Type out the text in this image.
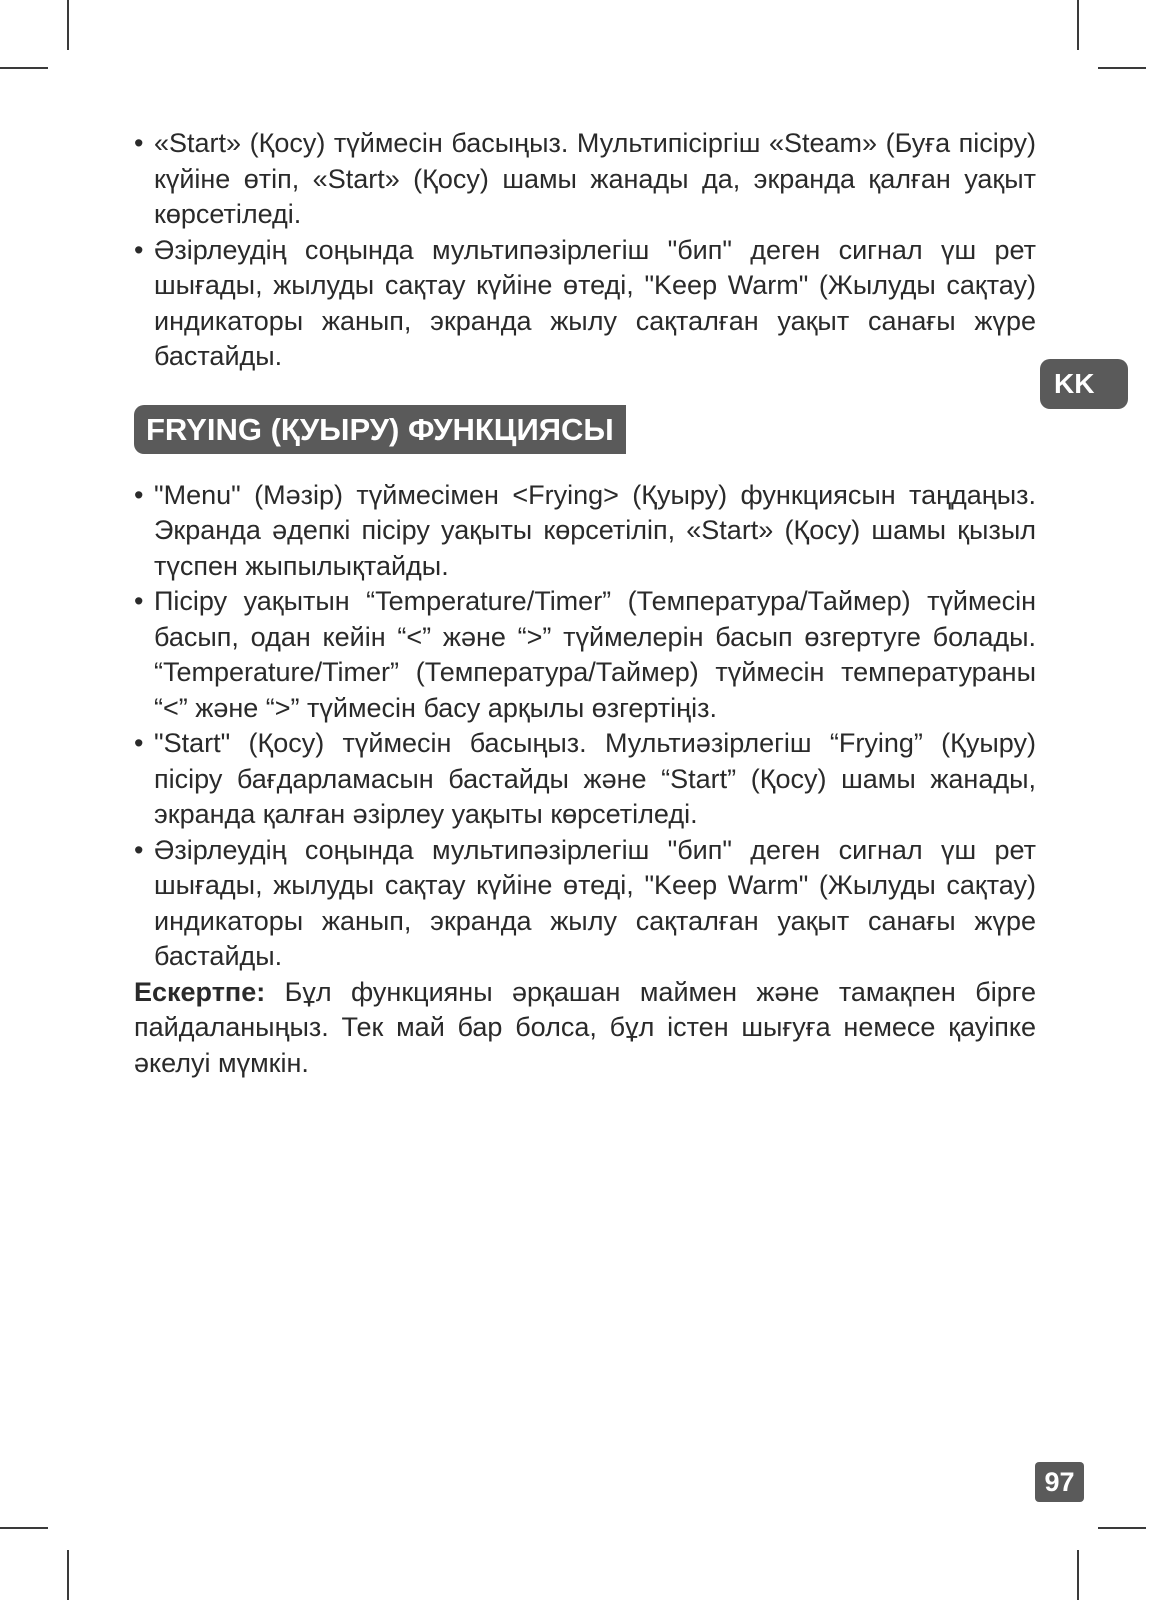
KK
• «Start» (Қосу) түймесін басыңыз. Мультипісіргіш «Steam» (Буға пісіру) күйіне өтіп, «Start» (Қосу) шамы жанады да, экранда қалған уақыт көрсетіледі.
• Әзірлеудің соңында мультипәзірлегіш "бип" деген сигнал үш рет шығады, жылуды сақтау күйіне өтеді, "Keep Warm" (Жылуды сақтау) индикаторы жанып, экранда жылу сақталған уақыт санағы жүре бастайды.
FRYING (ҚУЫРУ) ФУНКЦИЯСЫ
• "Menu" (Мәзір) түймесімен <Frying> (Қуыру) функциясын таңдаңыз. Экранда әдепкі пісіру уақыты көрсетіліп, «Start» (Қосу) шамы қызыл түспен жыпылықтайды.
• Пісіру уақытын “Temperature/Timer” (Температура/Таймер) түймесін басып, одан кейін “<” және “>” түймелерін басып өзгертуге болады. “Temperature/Timer” (Температура/Таймер) түймесін температураны “<” және “>” түймесін басу арқылы өзгертіңіз.
• "Start" (Қосу) түймесін басыңыз. Мультиәзірлегіш “Frying” (Қуыру) пісіру бағдарламасын бастайды және “Start” (Қосу) шамы жанады, экранда қалған әзірлеу уақыты көрсетіледі.
• Әзірлеудің соңында мультипәзірлегіш "бип" деген сигнал үш рет шығады, жылуды сақтау күйіне өтеді, "Keep Warm" (Жылуды сақтау) индикаторы жанып, экранда жылу сақталған уақыт санағы жүре бастайды.

Ескертпе: Бұл функцияны әрқашан маймен және тамақпен бірге пайдаланыңыз. Тек май бар болса, бұл істен шығуға немесе қауіпке әкелуі мүмкін.

97
